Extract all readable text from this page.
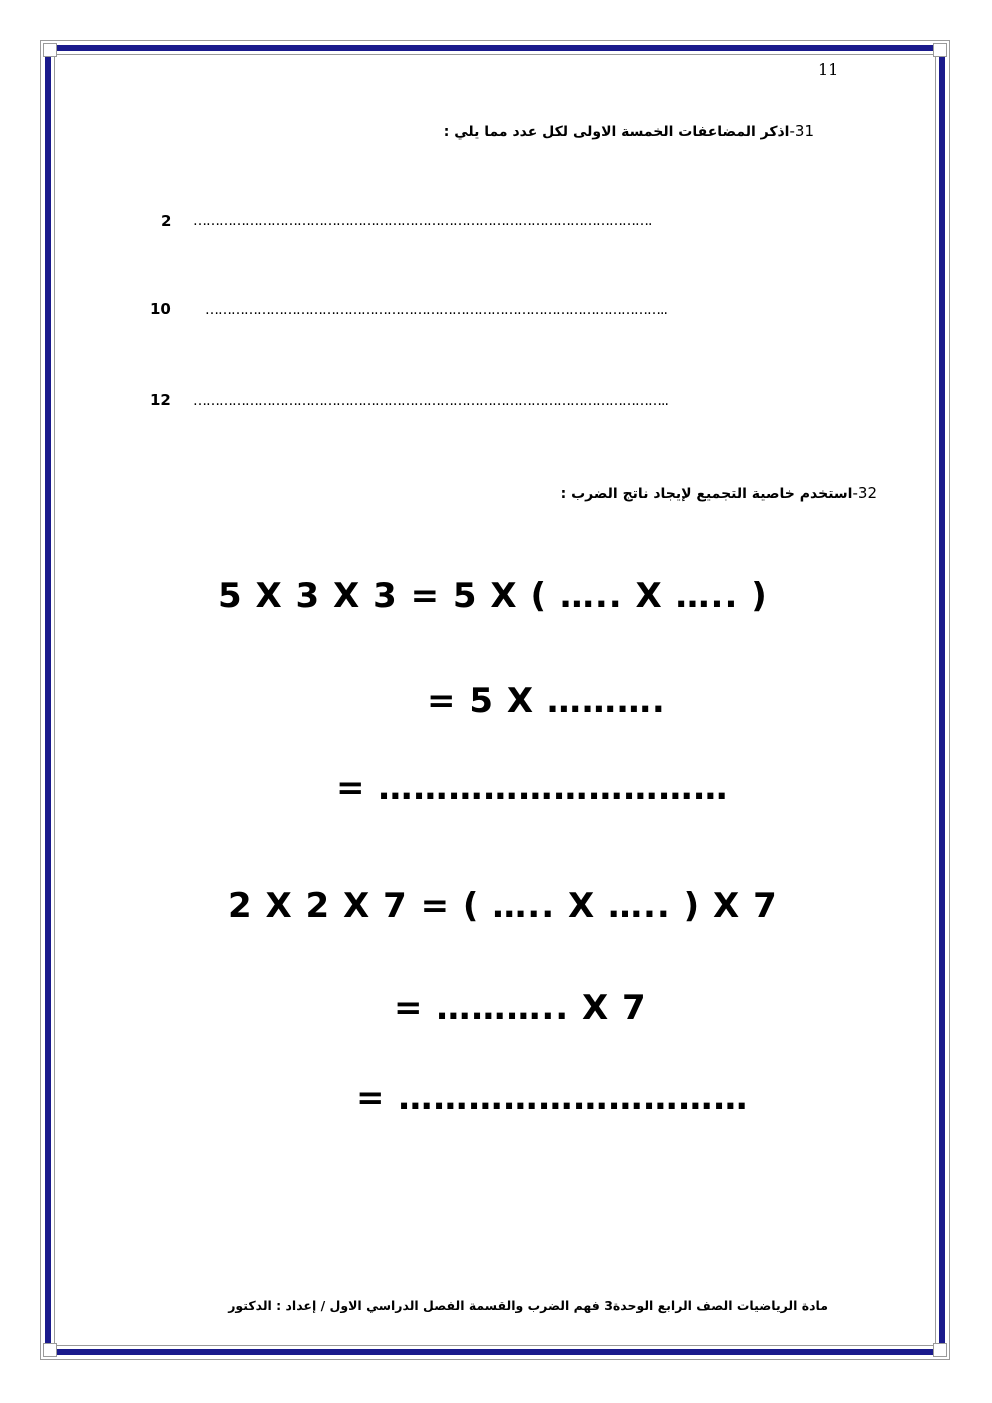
11
31-اذكر المضاعفات الخمسة الاولى لكل عدد مما يلي :
2 …………………………………………………………………………………………….
10 ……………………………………………………………………………………………..
12 ………………………………………………………………………………………………..
32-استخدم خاصية التجميع لإيجاد ناتج الضرب :
5 X 3 X 3 = 5 X ( ….. X ….. )
= 5 X ……….
= …………………………
2 X 2 X 7 = ( ….. X ….. ) X 7
= ……….. X 7
= …………………………
مادة الرياضيات الصف الرابع الوحدة3 فهم الضرب والقسمة الفصل الدراسي الاول / إعداد : الدكتور
